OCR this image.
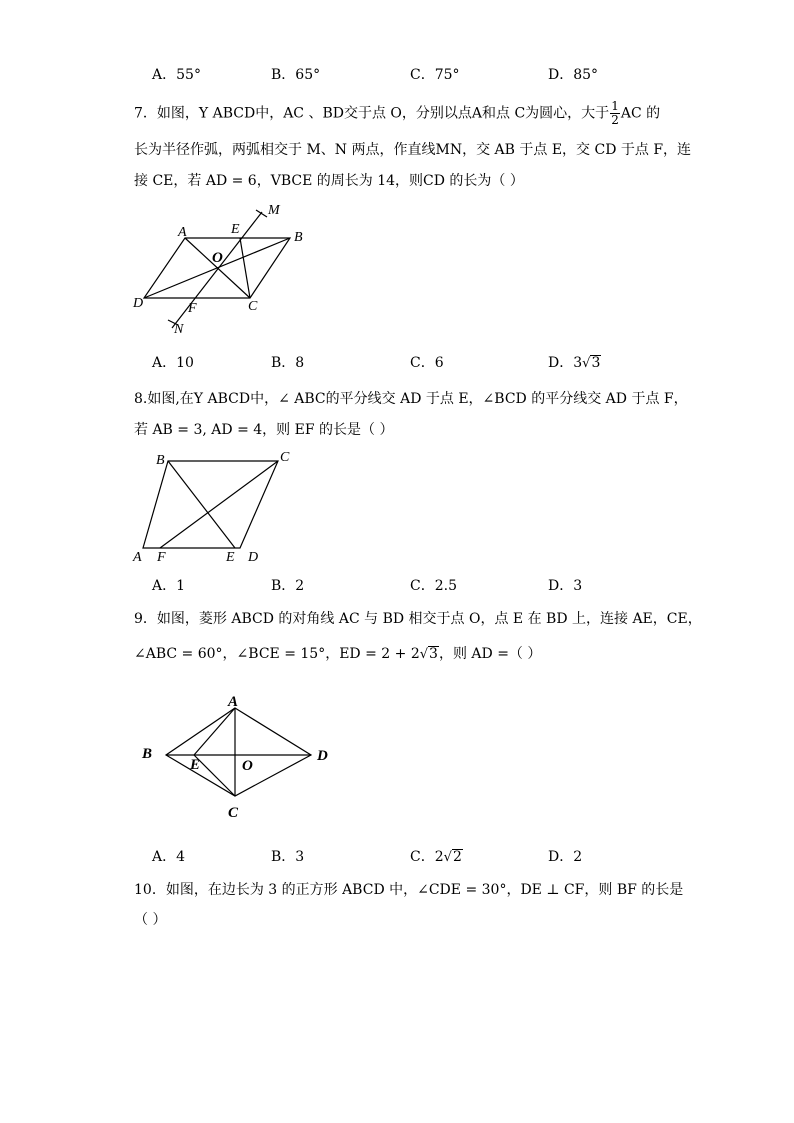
A．55°	B．65°	C．75°	D．85°
7．如图，Y ABCD中，AC 、BD交于点 O，分别以点A和点 C为圆心，大于 $\frac{1}{2}$ AC 的
长为半径作弧，两弧相交于 M、N 两点，作直线MN，交 AB 于点 E，交 CD 于点 F，连
接 CE，若 AD = 6，VBCE 的周长为 14，则CD 的长为（ ）
A	E
M
B
O
D	F	C
N
A．10	B．8	C．6	D．3√3
8.如图,在Y ABCD中，∠ ABC的平分线交 AD 于点 E，∠BCD 的平分线交 AD 于点 F，
若 AB = 3, AD = 4，则 EF 的长是（ ）
B	C
A F	E D
A．1	B．2	C．2.5	D．3
9．如图，菱形 ABCD 的对角线 AC 与 BD 相交于点 O，点 E 在 BD 上，连接 AE，CE，
∠ABC = 60°，∠BCE = 15°，ED = 2 + 2√3，则 AD =（ ）
A
B
E	O
D
C
A．4	B．3	C．2√2	D．2
10．如图，在边长为 3 的正方形 ABCD 中，∠CDE = 30°，DE ⊥ CF，则 BF 的长是
（ ）
